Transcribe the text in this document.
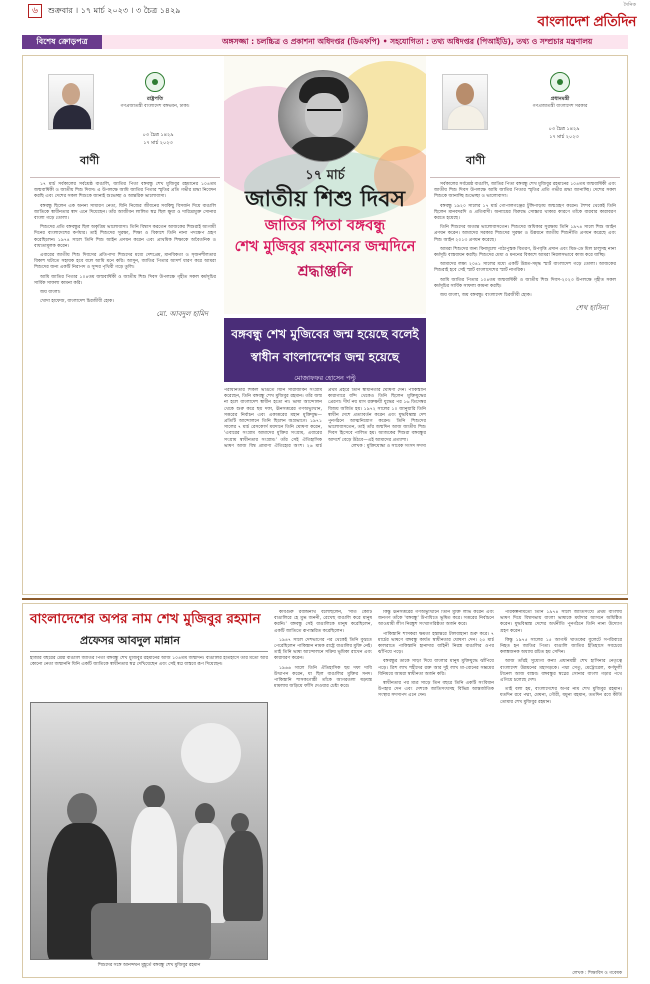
৬	শুক্রবার । ১৭ মার্চ ২০২৩ । ৩ চৈত্র ১৪২৯
দৈনিক
বাংলাদেশ প্রতিদিন
বিশেষ ক্রোড়পত্র	অঙ্গসজ্জা : চলচ্চিত্র ও প্রকাশনা অধিদপ্তর (ডিএফপি) • সহযোগিতা : তথ্য অধিদপ্তর (পিআইডি), তথ্য ও সম্প্রচার মন্ত্রণালয়
রাষ্ট্রপতি
গণপ্রজাতন্ত্রী বাংলাদেশ বঙ্গভবন, ঢাকা।
০৩ চৈত্র ১৪২৯
১৭ মার্চ ২০২৩
বাণী

১৭ মার্চ সর্বকালের সর্বশ্রেষ্ঠ বাঙালি, জাতির পিতা বঙ্গবন্ধু শেখ মুজিবুর রহমানের ১০৪তম জন্মবার্ষিকী ও জাতীয় শিশু দিবস। এ উপলক্ষে আমি জাতির পিতার স্মৃতির প্রতি গভীর শ্রদ্ধা নিবেদন করছি এবং দেশের সকল শিশুকে জানাই শুভেচ্ছা ও আন্তরিক ভালোবাসা।

বঙ্গবন্ধু ছিলেন এক অনন্য সাধারণ নেতা, যিনি নিজের জীবনের সবকিছু বিসর্জন দিয়ে বাঙালি জাতিকে স্বাধীনতার স্বাদ এনে দিয়েছেন। তাঁর আজীবন লালিত স্বপ্ন ছিল ক্ষুধা ও দারিদ্র্যমুক্ত সোনার বাংলা গড়ে তোলা।

শিশুদের প্রতি বঙ্গবন্ধুর ছিল অকৃত্রিম ভালোবাসা। তিনি বিশ্বাস করতেন আজকের শিশুরাই আগামী দিনের বাংলাদেশের কর্ণধার। তাই শিশুদের সুরক্ষা, শিক্ষা ও বিকাশে তিনি নানা পদক্ষেপ গ্রহণ করেছিলেন। ১৯৭৪ সালে তিনি শিশু আইন প্রণয়ন করেন এবং প্রাথমিক শিক্ষাকে অবৈতনিক ও বাধ্যতামূলক করেন।

এবারের জাতীয় শিশু দিবসের প্রতিপাদ্য শিশুদের মধ্যে দেশপ্রেম, মানবিকতা ও সৃজনশীলতার বিকাশ ঘটাতে সহায়ক হবে বলে আমি মনে করি। আসুন, জাতির পিতার আদর্শ ধারণ করে আমরা শিশুদের জন্য একটি নিরাপদ ও সুন্দর পৃথিবী গড়ে তুলি।

আমি জাতির পিতার ১০৪তম জন্মবার্ষিকী ও জাতীয় শিশু দিবস উপলক্ষে গৃহীত সকল কর্মসূচির সার্বিক সাফল্য কামনা করি।

জয় বাংলা।

খোদা হাফেজ, বাংলাদেশ চিরজীবী হোক।

মো. আবদুল হামিদ
১৭ মার্চ
জাতীয় শিশু দিবস
জাতির পিতা বঙ্গবন্ধু
শেখ মুজিবুর রহমানের জন্মদিনে
শ্রদ্ধাঞ্জলি
বঙ্গবন্ধু শেখ মুজিবের জন্ম হয়েছে বলেই
স্বাধীন বাংলাদেশের জন্ম হয়েছে
মোজাফফর হোসেন পল্টু
পরাধীনতার শিকল ভাঙতে যিনি সারাজীবন সংগ্রাম করেছেন, তিনি বঙ্গবন্ধু শেখ মুজিবুর রহমান। তাঁর জন্ম না হলে বাংলাদেশ স্বাধীন হতো না। ভাষা আন্দোলন থেকে শুরু করে ছয় দফা, ঊনসত্তরের গণঅভ্যুত্থান, সত্তরের নির্বাচন এবং একাত্তরের মহান মুক্তিযুদ্ধ—প্রতিটি আন্দোলনে তিনি ছিলেন অগ্রভাগে। ১৯৭১ সালের ৭ মার্চ রেসকোর্স ময়দানে তিনি ঘোষণা করেন, 'এবারের সংগ্রাম আমাদের মুক্তির সংগ্রাম, এবারের সংগ্রাম স্বাধীনতার সংগ্রাম।' তাঁর সেই ঐতিহাসিক ভাষণ আজ বিশ্ব প্রামাণ্য ঐতিহ্যের অংশ। ২৬ মার্চ প্রথম প্রহরে তিনি স্বাধীনতার ঘোষণা দেন। পাকিস্তানি কারাগারে বন্দি থেকেও তিনি ছিলেন মুক্তিযুদ্ধের প্রেরণা। দীর্ঘ নয় মাস রক্তক্ষয়ী যুদ্ধের পর ১৬ ডিসেম্বর বিজয় অর্জিত হয়। ১৯৭২ সালের ১০ জানুয়ারি তিনি স্বাধীন দেশে প্রত্যাবর্তন করেন এবং যুদ্ধবিধ্বস্ত দেশ পুনর্গঠনে আত্মনিয়োগ করেন। তিনি শিশুদের ভালোবাসতেন, তাই তাঁর জন্মদিন আজ জাতীয় শিশু দিবস হিসেবে পালিত হয়। আজকের শিশুরা বঙ্গবন্ধুর আদর্শে বেড়ে উঠবে—এই আমাদের প্রত্যাশা।
লেখক : মুক্তিযোদ্ধা ও সাবেক সংসদ সদস্য
প্রধানমন্ত্রী
গণপ্রজাতন্ত্রী বাংলাদেশ সরকার
০৩ চৈত্র ১৪২৯
১৭ মার্চ ২০২৩
বাণী

সর্বকালের সর্বশ্রেষ্ঠ বাঙালি, জাতির পিতা বঙ্গবন্ধু শেখ মুজিবুর রহমানের ১০৪তম জন্মবার্ষিকী এবং জাতীয় শিশু দিবস উপলক্ষে আমি জাতির পিতার স্মৃতির প্রতি গভীর শ্রদ্ধা জানাচ্ছি। দেশের সকল শিশুকে জানাচ্ছি শুভেচ্ছা ও ভালোবাসা।

বঙ্গবন্ধু ১৯২০ সালের ১৭ মার্চ গোপালগঞ্জের টুঙ্গিপাড়ায় জন্মগ্রহণ করেন। শৈশব থেকেই তিনি ছিলেন মানবদরদি ও প্রতিবাদী। অন্যায়ের বিরুদ্ধে সোচ্চার থাকার কারণে তাঁকে বারবার কারাবরণ করতে হয়েছে।

তিনি শিশুদের অত্যন্ত ভালোবাসতেন। শিশুদের অধিকার সুরক্ষায় তিনি ১৯৭৪ সালে শিশু আইন প্রণয়ন করেন। আমাদের সরকার শিশুদের সুরক্ষা ও উন্নয়নে জাতীয় শিশুনীতি প্রণয়ন করেছে এবং শিশু আইন ২০১৩ প্রণয়ন করেছে।

আমরা শিশুদের জন্য বিনামূল্যে পাঠ্যপুস্তক বিতরণ, উপবৃত্তি প্রদান এবং মিড-ডে মিল চালুসহ নানা কর্মসূচি বাস্তবায়ন করছি। শিশুদের মেধা ও মননের বিকাশে আমরা নিরলসভাবে কাজ করে যাচ্ছি।

আমাদের লক্ষ্য ২০৪১ সালের মধ্যে একটি উন্নত-সমৃদ্ধ স্মার্ট বাংলাদেশ গড়ে তোলা। আজকের শিশুরাই হবে সেই স্মার্ট বাংলাদেশের স্মার্ট নাগরিক।

আমি জাতির পিতার ১০৪তম জন্মবার্ষিকী ও জাতীয় শিশু দিবস-২০২৩ উপলক্ষে গৃহীত সকল কর্মসূচির সার্বিক সাফল্য কামনা করছি।

জয় বাংলা, জয় বঙ্গবন্ধু। বাংলাদেশ চিরজীবী হোক।

শেখ হাসিনা
বাংলাদেশের অপর নাম শেখ মুজিবুর রহমান
প্রফেসর আবদুল মান্নান
হাজার বছরের শ্রেষ্ঠ বাঙালি জাতির পিতা বঙ্গবন্ধু শেখ মুজিবুর রহমানের আজ ১০৪তম জন্মদিন। বাঙালির ইতিহাসে তাঁর মতো আর কোনো নেতা জন্মাননি যিনি একটি জাতিকে স্বাধীনতার স্বপ্ন দেখিয়েছেন এবং সেই স্বপ্ন বাস্তবে রূপ দিয়েছেন।
শিশুদের সঙ্গে আনন্দঘন মুহূর্তে বঙ্গবন্ধু শেখ মুজিবুর রহমান

কবিগুরু রবীন্দ্রনাথ বলেছিলেন, 'সাত কোটি বাঙালিরে হে মুগ্ধ জননী, রেখেছ বাঙালি করে মানুষ করনি।' বঙ্গবন্ধু সেই বাঙালিকে মানুষ করেছিলেন, একটি জাতিতে রূপান্তরিত করেছিলেন।

১৯৪৭ সালে দেশভাগের পর থেকেই তিনি বুঝতে পেরেছিলেন পাকিস্তান নামক রাষ্ট্রে বাঙালির মুক্তি নেই। তাই তিনি ভাষা আন্দোলনে সক্রিয় ভূমিকা রাখেন এবং কারাবরণ করেন।

১৯৬৬ সালে তিনি ঐতিহাসিক ছয় দফা দাবি উত্থাপন করেন, যা ছিল বাঙালির মুক্তির সনদ। পাকিস্তানি শাসকগোষ্ঠী তাঁকে আগরতলা ষড়যন্ত্র মামলায় জড়িয়ে ফাঁসি দেওয়ার চেষ্টা করে।

কিন্তু ঊনসত্তরের গণঅভ্যুত্থানে তিনি মুক্তি লাভ করেন এবং জনগণ তাঁকে 'বঙ্গবন্ধু' উপাধিতে ভূষিত করে। সত্তরের নির্বাচনে আওয়ামী লীগ নিরঙ্কুশ সংখ্যাগরিষ্ঠতা অর্জন করে।

পাকিস্তানি শাসকরা ক্ষমতা হস্তান্তরে টালবাহানা শুরু করে। ৭ মার্চের ভাষণে বঙ্গবন্ধু কার্যত স্বাধীনতার ঘোষণা দেন। ২৫ মার্চ কালরাতে পাকিস্তানি হানাদার বাহিনী নিরস্ত্র বাঙালির ওপর ঝাঁপিয়ে পড়ে।

বঙ্গবন্ধুর ডাকে সাড়া দিয়ে বাংলার মানুষ মুক্তিযুদ্ধে ঝাঁপিয়ে পড়ে। ত্রিশ লাখ শহীদের রক্ত আর দুই লাখ মা-বোনের সম্ভ্রমের বিনিময়ে আমরা স্বাধীনতা অর্জন করি।

স্বাধীনতার পর মাত্র সাড়ে তিন বছরে তিনি একটি সংবিধান উপহার দেন এবং দেশকে জাতিসংঘসহ বিভিন্ন আন্তর্জাতিক সংস্থার সদস্যপদ এনে দেন।

পরিকল্পনামতো তিনি ১৯৭৪ সালে জাতিসংঘে প্রথম বাংলায় ভাষণ দিয়ে বিশ্বসভায় বাংলা ভাষাকে মর্যাদার আসনে অধিষ্ঠিত করেন। যুদ্ধবিধ্বস্ত দেশের অর্থনীতি পুনর্গঠনে তিনি নানা উদ্যোগ গ্রহণ করেন।

কিন্তু ১৯৭৫ সালের ১৫ আগস্ট ঘাতকের বুলেটে সপরিবারে নিহত হন জাতির পিতা। বাঙালি জাতির ইতিহাসে সবচেয়ে কলঙ্কজনক অধ্যায় রচিত হয় সেদিন।

আজ তাঁরই সুযোগ্য কন্যা প্রধানমন্ত্রী শেখ হাসিনার নেতৃত্বে বাংলাদেশ উন্নয়নের মহাসড়কে। পদ্মা সেতু, মেট্রোরেল, কর্ণফুলী টানেল আজ বাস্তব। বঙ্গবন্ধুর স্বপ্নের সোনার বাংলা গড়ার পথে এগিয়ে চলেছে দেশ।

তাই বলা হয়, বাংলাদেশের অপর নাম শেখ মুজিবুর রহমান। যতদিন রবে পদ্মা, মেঘনা, গৌরী, যমুনা বহমান, ততদিন রবে কীর্তি তোমার শেখ মুজিবুর রহমান।

লেখক : শিক্ষাবিদ ও গবেষক
